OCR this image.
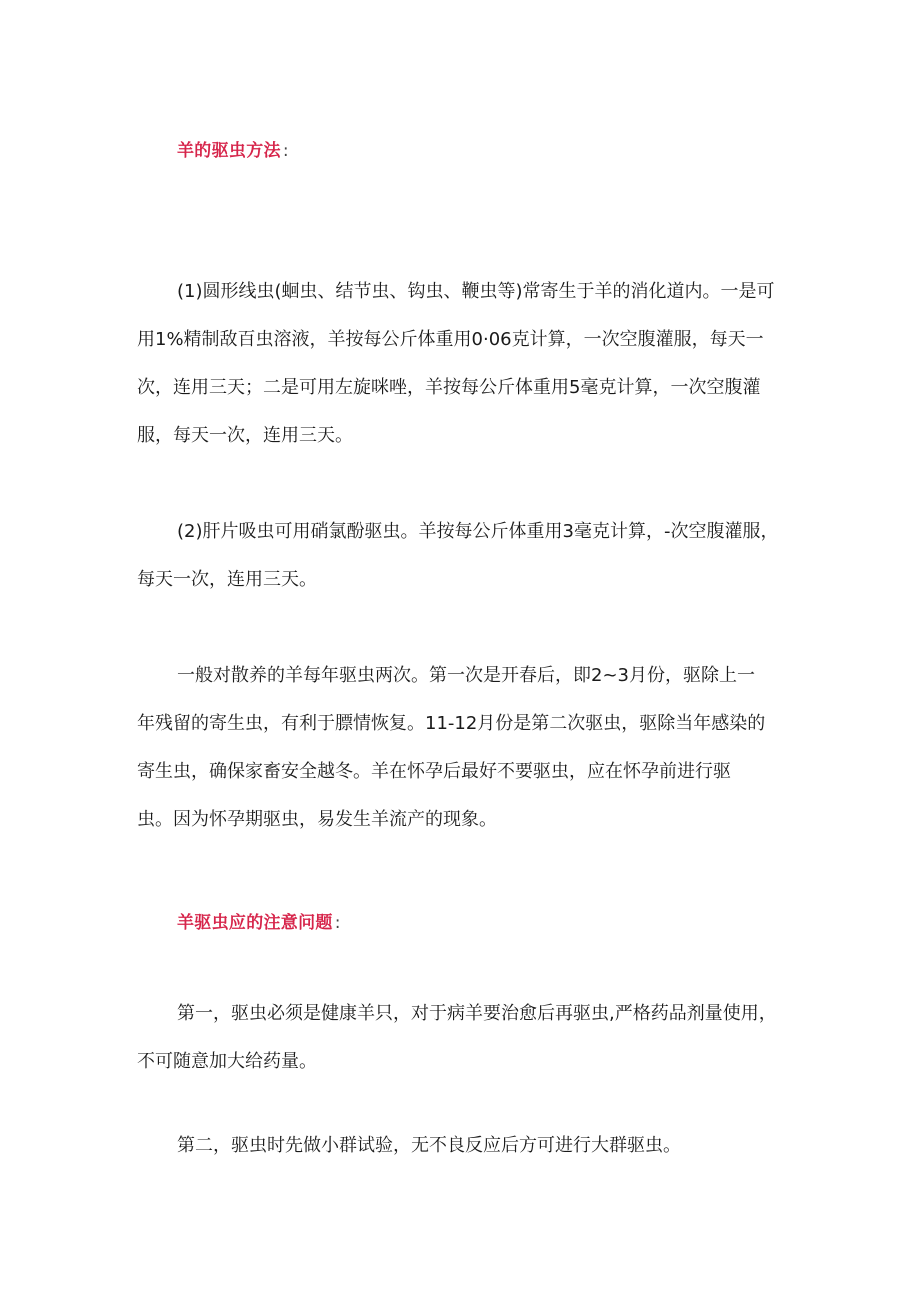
羊的驱虫方法 :
(1)圆形线虫(蛔虫、结节虫、钩虫、鞭虫等)常寄生于羊的消化道内。一是可
用1%精制敌百虫溶液，羊按每公斤体重用0·06克计算，一次空腹灌服，每天一
次，连用三天；二是可用左旋咪唑，羊按每公斤体重用5毫克计算，一次空腹灌
服，每天一次，连用三天。
(2)肝片吸虫可用硝氯酚驱虫。羊按每公斤体重用3毫克计算，-次空腹灌服，
每天一次，连用三天。
一般对散养的羊每年驱虫两次。第一次是开春后，即2~3月份，驱除上一
年残留的寄生虫，有利于膘情恢复。11-12月份是第二次驱虫，驱除当年感染的
寄生虫，确保家畜安全越冬。羊在怀孕后最好不要驱虫，应在怀孕前进行驱
虫。因为怀孕期驱虫，易发生羊流产的现象。
羊驱虫应的注意问题 :
第一，驱虫必须是健康羊只，对于病羊要治愈后再驱虫,严格药品剂量使用，
不可随意加大给药量。
第二，驱虫时先做小群试验，无不良反应后方可进行大群驱虫。
